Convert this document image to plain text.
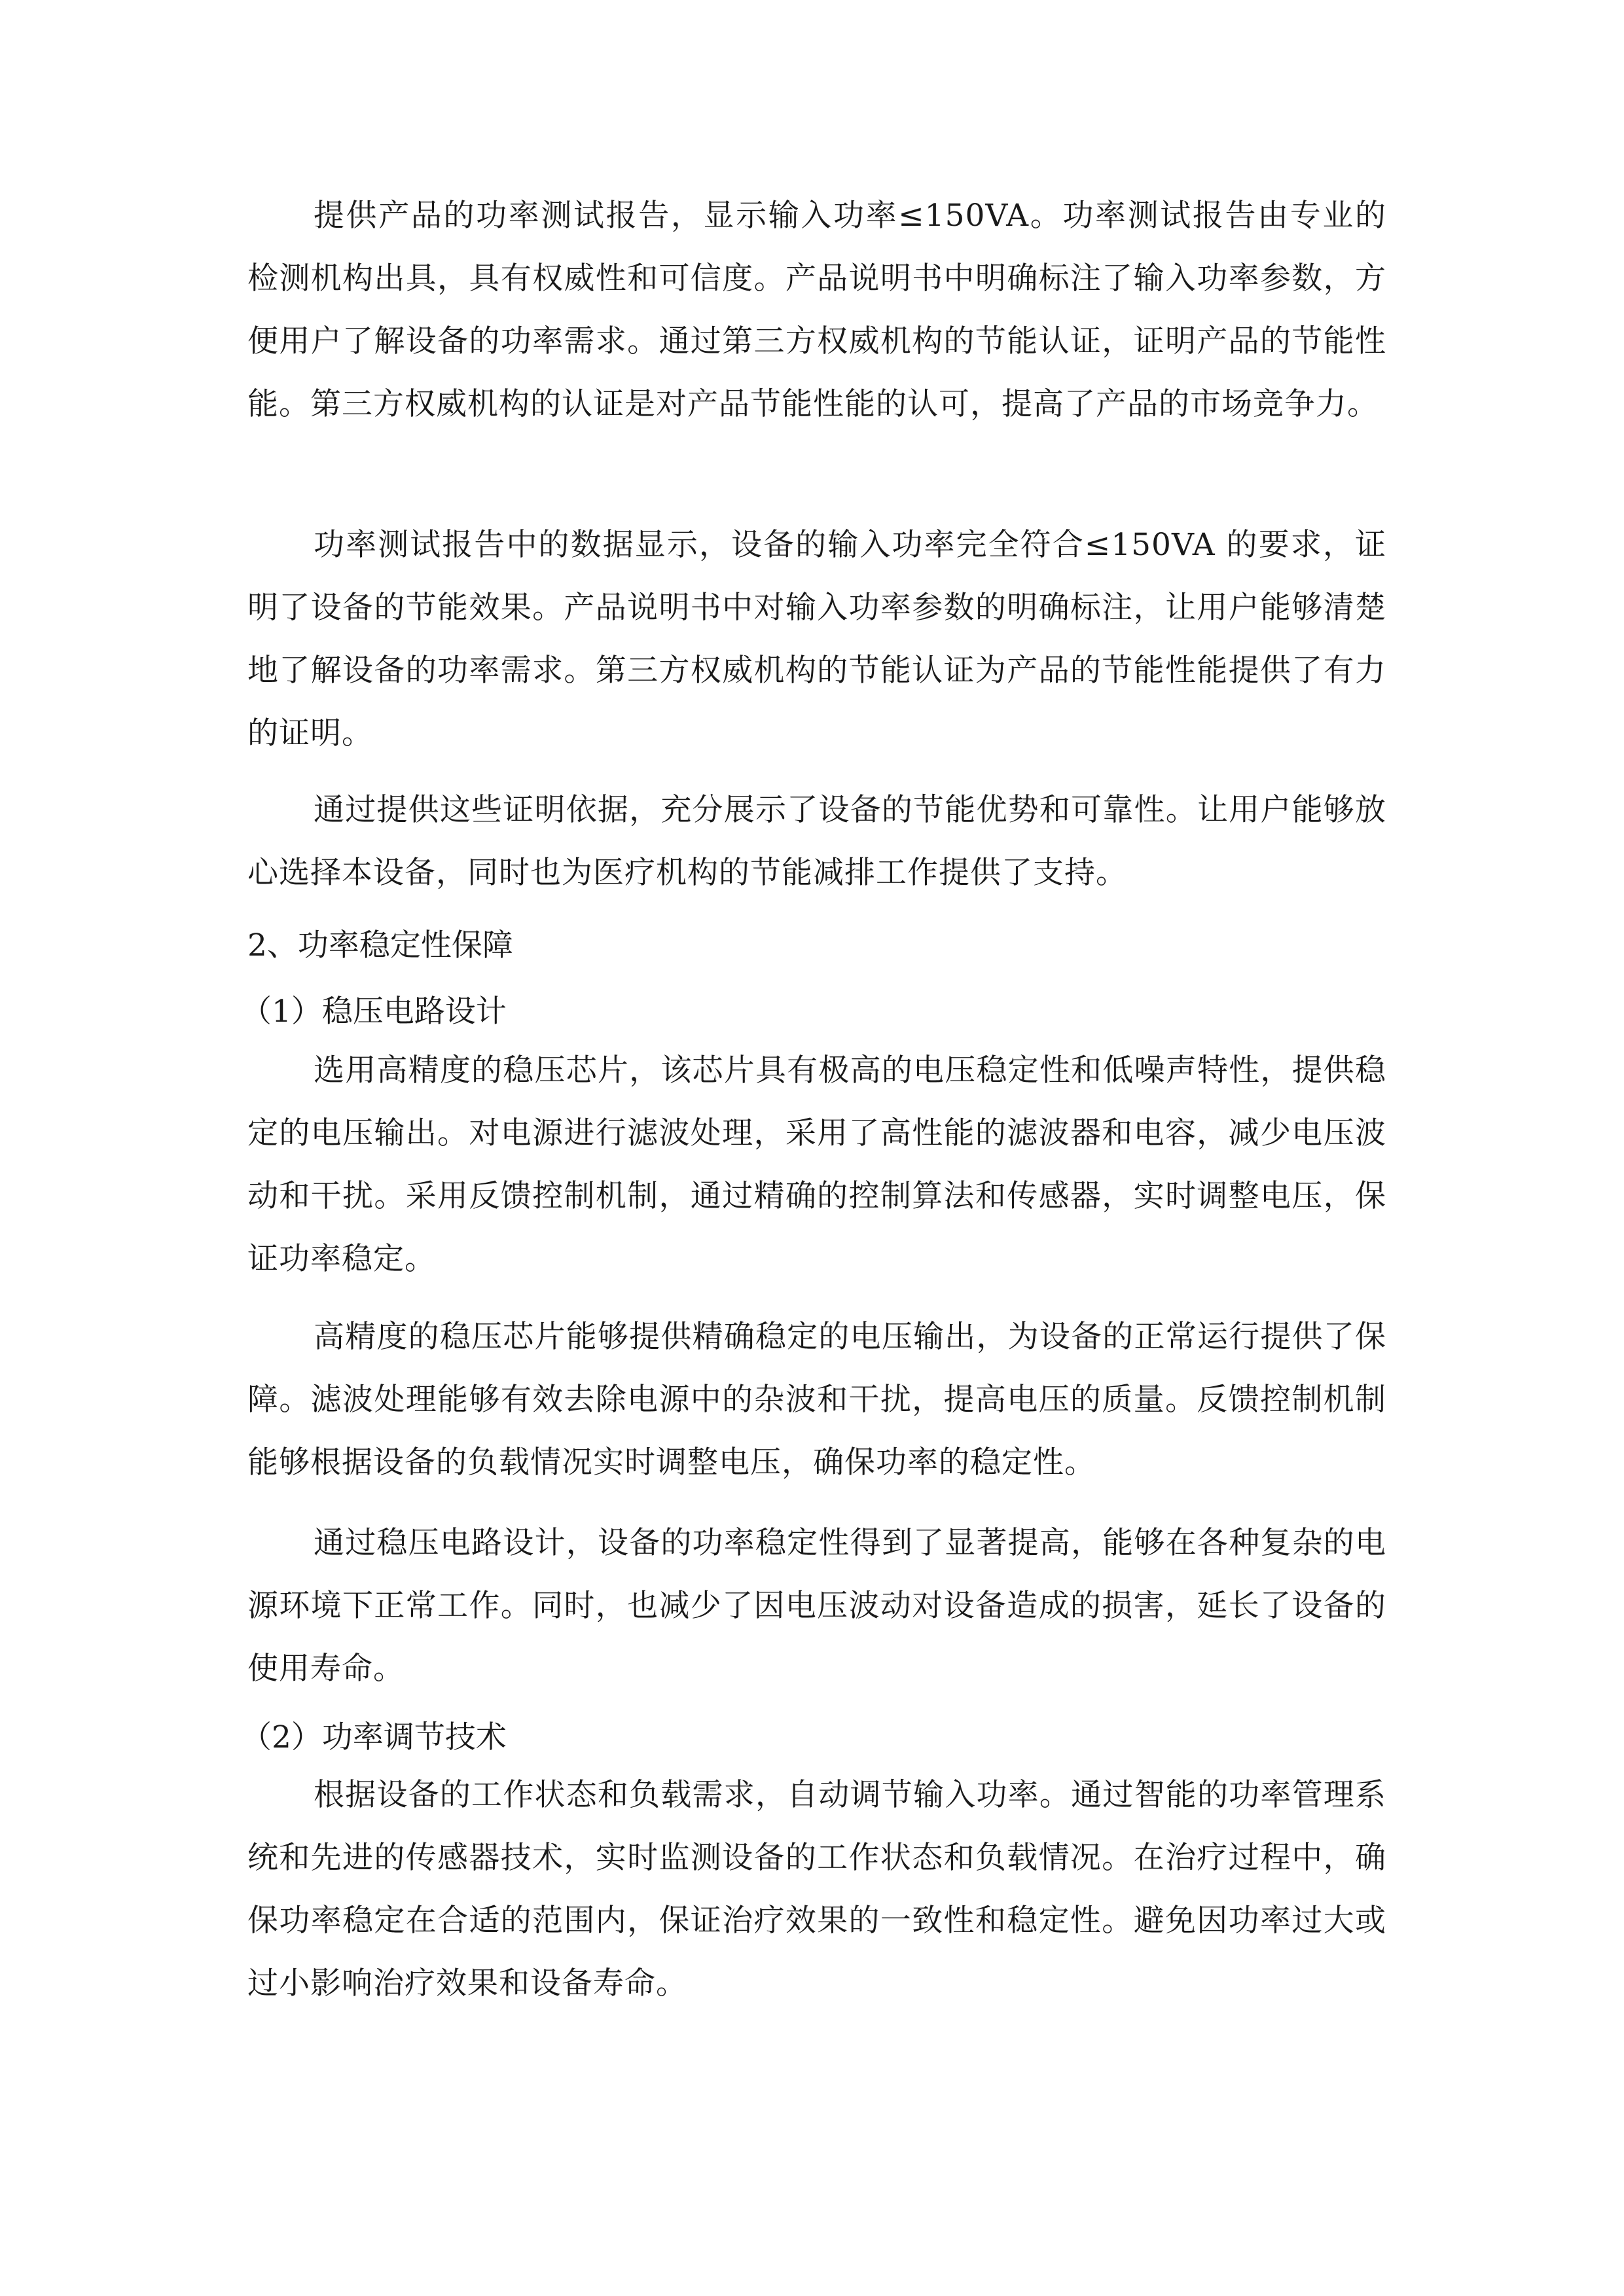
提供产品的功率测试报告，显示输入功率≤150VA。功率测试报告由专业的检测机构出具，具有权威性和可信度。产品说明书中明确标注了输入功率参数，方便用户了解设备的功率需求。通过第三方权威机构的节能认证，证明产品的节能性能。第三方权威机构的认证是对产品节能性能的认可，提高了产品的市场竞争力。

功率测试报告中的数据显示，设备的输入功率完全符合≤150VA 的要求，证明了设备的节能效果。产品说明书中对输入功率参数的明确标注，让用户能够清楚地了解设备的功率需求。第三方权威机构的节能认证为产品的节能性能提供了有力的证明。

通过提供这些证明依据，充分展示了设备的节能优势和可靠性。让用户能够放心选择本设备，同时也为医疗机构的节能减排工作提供了支持。

2、功率稳定性保障
（1）稳压电路设计

选用高精度的稳压芯片，该芯片具有极高的电压稳定性和低噪声特性，提供稳定的电压输出。对电源进行滤波处理，采用了高性能的滤波器和电容，减少电压波动和干扰。采用反馈控制机制，通过精确的控制算法和传感器，实时调整电压，保证功率稳定。

高精度的稳压芯片能够提供精确稳定的电压输出，为设备的正常运行提供了保障。滤波处理能够有效去除电源中的杂波和干扰，提高电压的质量。反馈控制机制能够根据设备的负载情况实时调整电压，确保功率的稳定性。

通过稳压电路设计，设备的功率稳定性得到了显著提高，能够在各种复杂的电源环境下正常工作。同时，也减少了因电压波动对设备造成的损害，延长了设备的使用寿命。

（2）功率调节技术

根据设备的工作状态和负载需求，自动调节输入功率。通过智能的功率管理系统和先进的传感器技术，实时监测设备的工作状态和负载情况。在治疗过程中，确保功率稳定在合适的范围内，保证治疗效果的一致性和稳定性。避免因功率过大或过小影响治疗效果和设备寿命。
